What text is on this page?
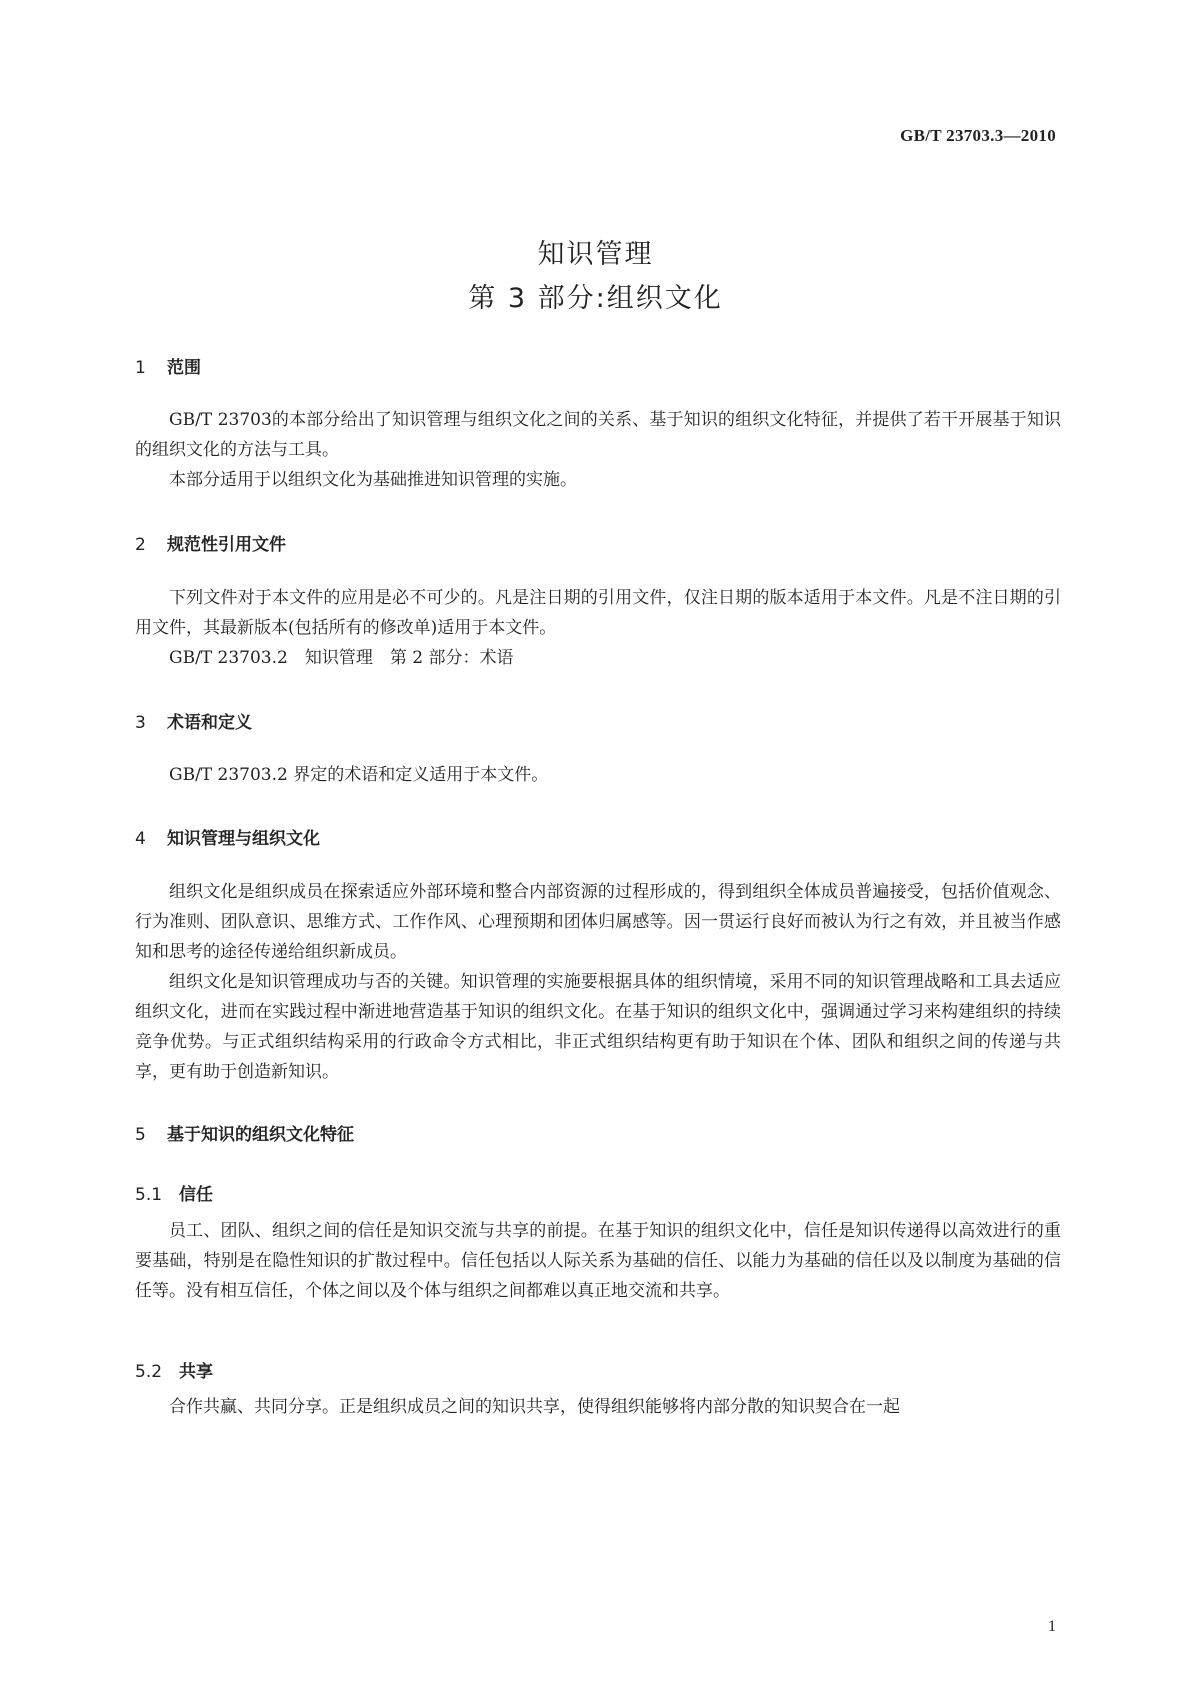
GB/T 23703.3—2010
知识管理
第 3 部分:组织文化
1 范围
GB/T 23703的本部分给出了知识管理与组织文化之间的关系、基于知识的组织文化特征，并提供了若干开展基于知识的组织文化的方法与工具。
本部分适用于以组织文化为基础推进知识管理的实施。
2 规范性引用文件
下列文件对于本文件的应用是必不可少的。凡是注日期的引用文件，仅注日期的版本适用于本文件。凡是不注日期的引用文件，其最新版本(包括所有的修改单)适用于本文件。
GB/T 23703.2　知识管理　第 2 部分：术语
3 术语和定义
GB/T 23703.2 界定的术语和定义适用于本文件。
4 知识管理与组织文化
组织文化是组织成员在探索适应外部环境和整合内部资源的过程形成的，得到组织全体成员普遍接受，包括价值观念、行为准则、团队意识、思维方式、工作作风、心理预期和团体归属感等。因一贯运行良好而被认为行之有效，并且被当作感知和思考的途径传递给组织新成员。
组织文化是知识管理成功与否的关键。知识管理的实施要根据具体的组织情境，采用不同的知识管理战略和工具去适应组织文化，进而在实践过程中渐进地营造基于知识的组织文化。在基于知识的组织文化中，强调通过学习来构建组织的持续竞争优势。与正式组织结构采用的行政命令方式相比，非正式组织结构更有助于知识在个体、团队和组织之间的传递与共享，更有助于创造新知识。
5 基于知识的组织文化特征
5.1 信任
员工、团队、组织之间的信任是知识交流与共享的前提。在基于知识的组织文化中，信任是知识传递得以高效进行的重要基础，特别是在隐性知识的扩散过程中。信任包括以人际关系为基础的信任、以能力为基础的信任以及以制度为基础的信任等。没有相互信任，个体之间以及个体与组织之间都难以真正地交流和共享。
5.2 共享
合作共赢、共同分享。正是组织成员之间的知识共享，使得组织能够将内部分散的知识契合在一起
1
